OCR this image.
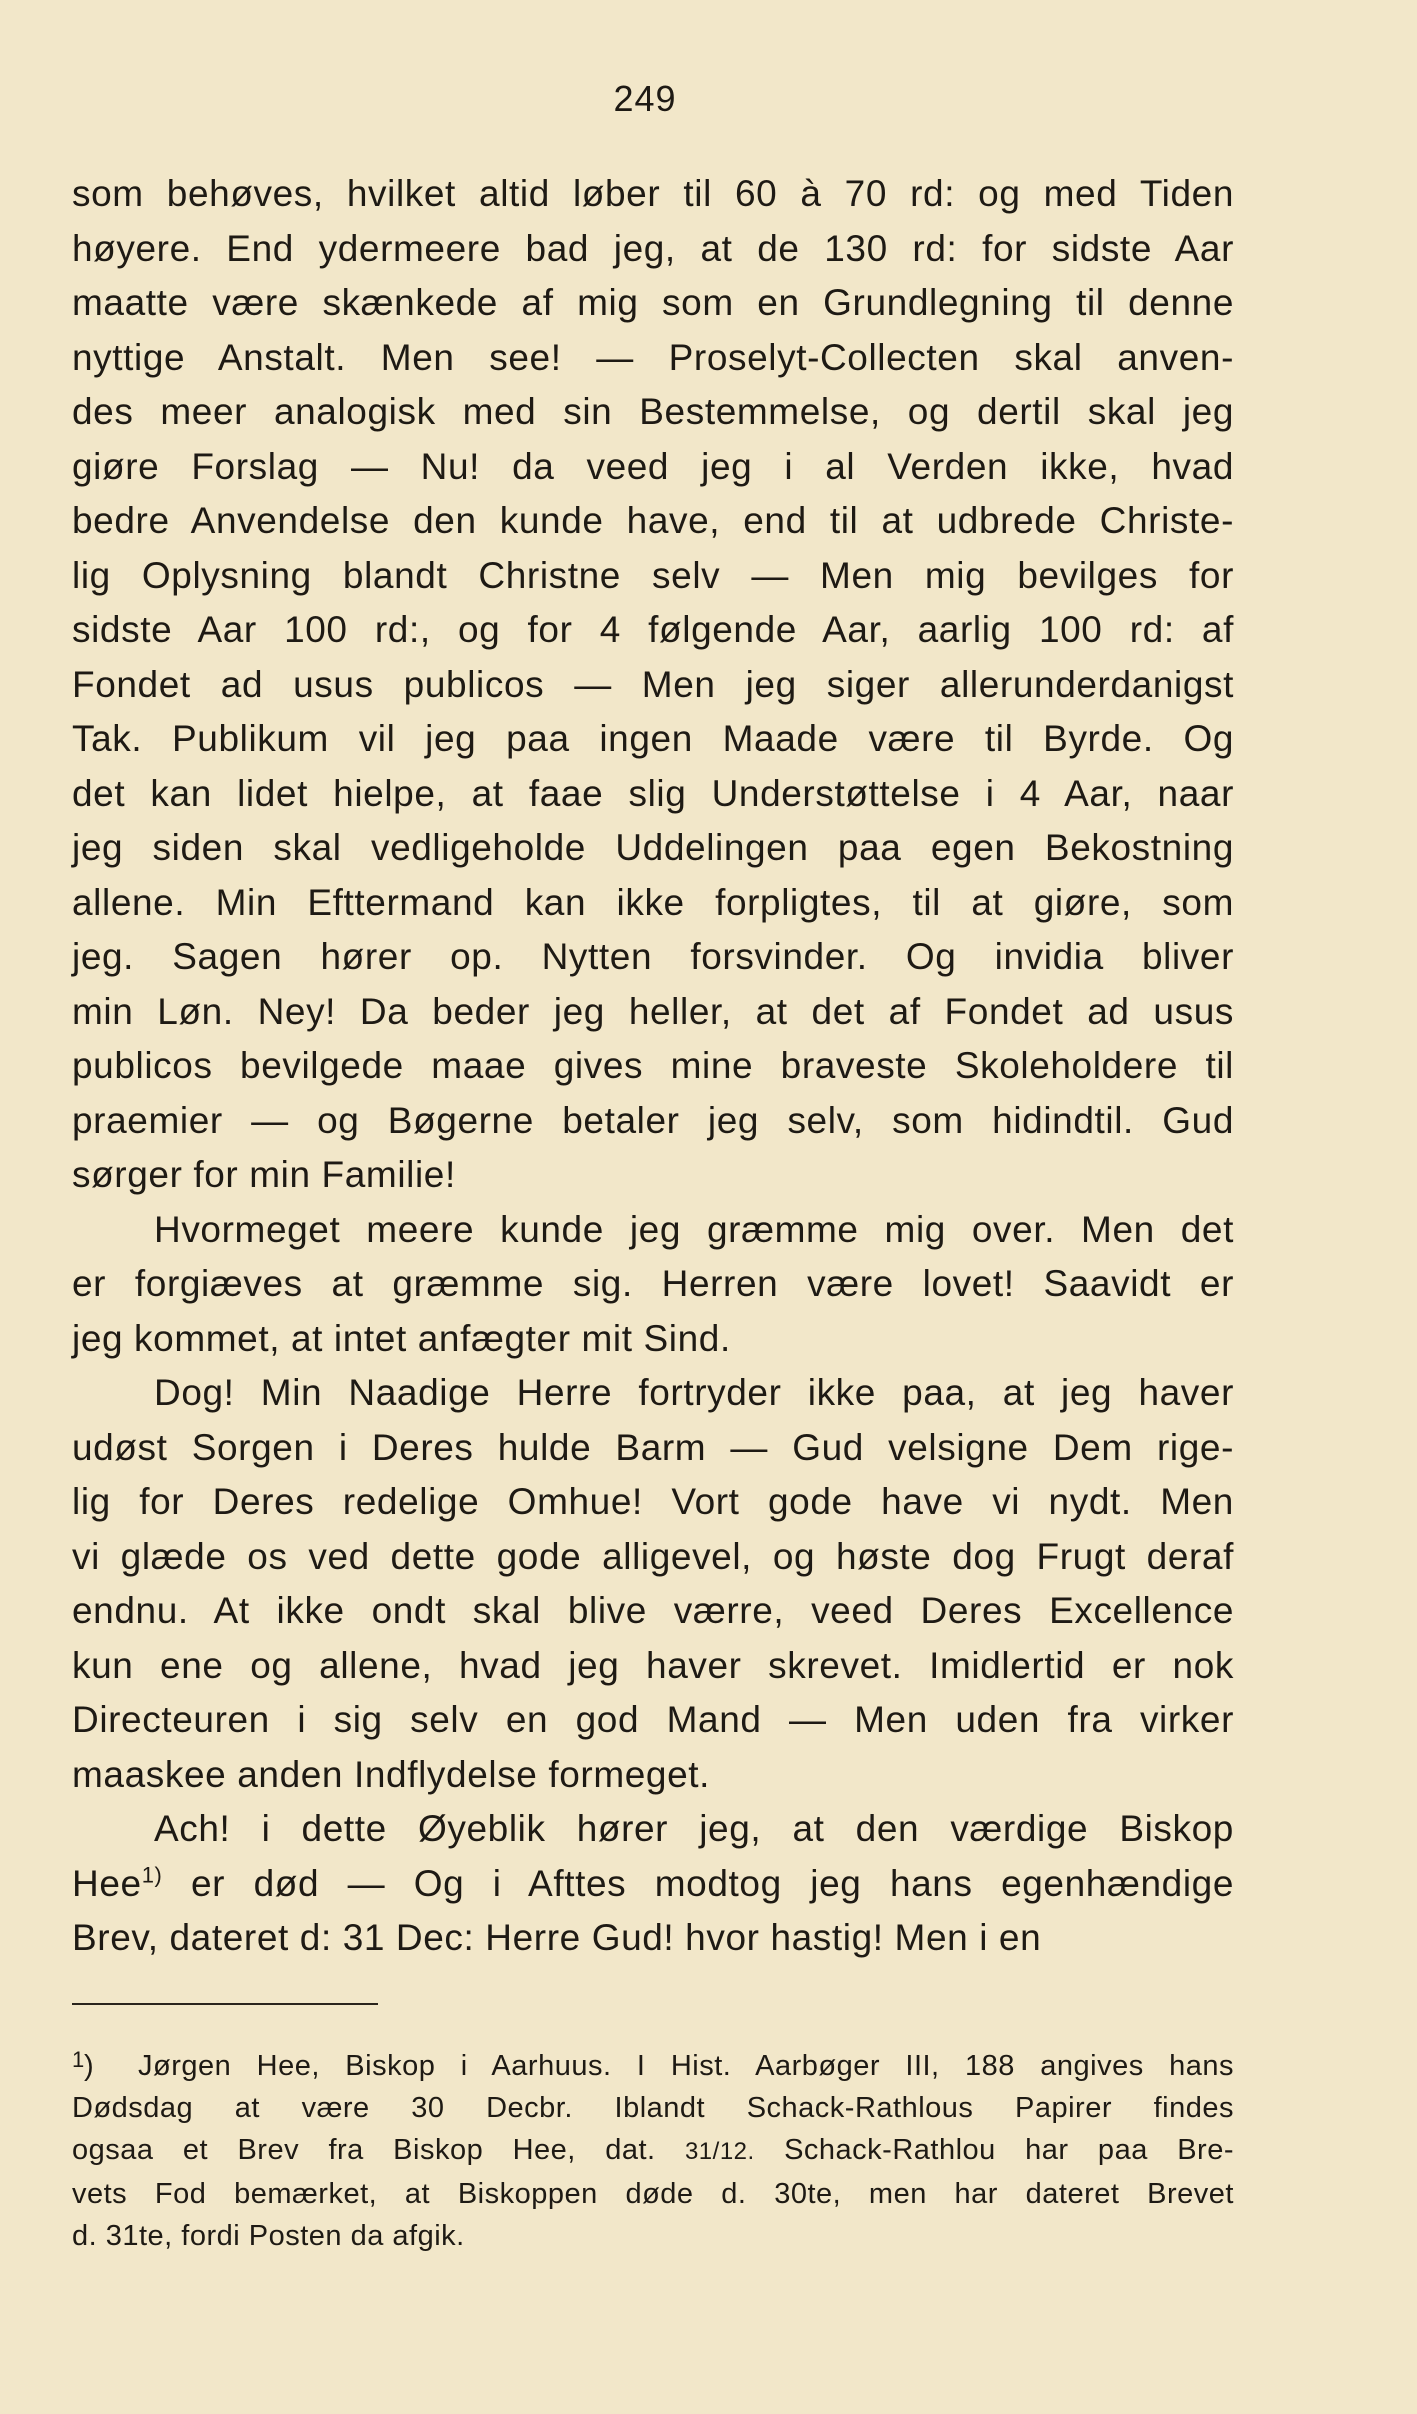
249

som behøves, hvilket altid løber til 60 à 70 rd: og med Tiden

høyere. End ydermeere bad jeg, at de 130 rd: for sidste Aar

maatte være skænkede af mig som en Grundlegning til denne

nyttige Anstalt. Men see! — Proselyt-Collecten skal anven-

des meer analogisk med sin Bestemmelse, og dertil skal jeg

giøre Forslag — Nu! da veed jeg i al Verden ikke, hvad

bedre Anvendelse den kunde have, end til at udbrede Christe-

lig Oplysning blandt Christne selv — Men mig bevilges for

sidste Aar 100 rd:, og for 4 følgende Aar, aarlig 100 rd: af

Fondet ad usus publicos — Men jeg siger allerunderdanigst

Tak. Publikum vil jeg paa ingen Maade være til Byrde. Og

det kan lidet hielpe, at faae slig Understøttelse i 4 Aar, naar

jeg siden skal vedligeholde Uddelingen paa egen Bekostning

allene. Min Efttermand kan ikke forpligtes, til at giøre, som

jeg. Sagen hører op. Nytten forsvinder. Og invidia bliver

min Løn. Ney! Da beder jeg heller, at det af Fondet ad usus

publicos bevilgede maae gives mine braveste Skoleholdere til

praemier — og Bøgerne betaler jeg selv, som hidindtil. Gud

sørger for min Familie!

Hvormeget meere kunde jeg græmme mig over. Men det

er forgiæves at græmme sig. Herren være lovet! Saavidt er

jeg kommet, at intet anfægter mit Sind.

Dog! Min Naadige Herre fortryder ikke paa, at jeg haver

udøst Sorgen i Deres hulde Barm — Gud velsigne Dem rige-

lig for Deres redelige Omhue! Vort gode have vi nydt. Men

vi glæde os ved dette gode alligevel, og høste dog Frugt deraf

endnu. At ikke ondt skal blive værre, veed Deres Excellence

kun ene og allene, hvad jeg haver skrevet. Imidlertid er nok

Directeuren i sig selv en god Mand — Men uden fra virker

maaskee anden Indflydelse formeget.

Ach! i dette Øyeblik hører jeg, at den værdige Biskop

Hee$^{1)}$ er død — Og i Afttes modtog jeg hans egenhændige

Brev, dateret d: 31 Dec: Herre Gud! hvor hastig! Men i en

1 ) Jørgen Hee, Biskop i Aarhuus. I Hist. Aarbøger III, 188 angives hans

Dødsdag at være 30 Decbr. Iblandt Schack-Rathlous Papirer findes

ogsaa et Brev fra Biskop Hee, dat. 31/12. Schack-Rathlou har paa Bre-

vets Fod bemærket, at Biskoppen døde d. 30te, men har dateret Brevet

d. 31te, fordi Posten da afgik.
